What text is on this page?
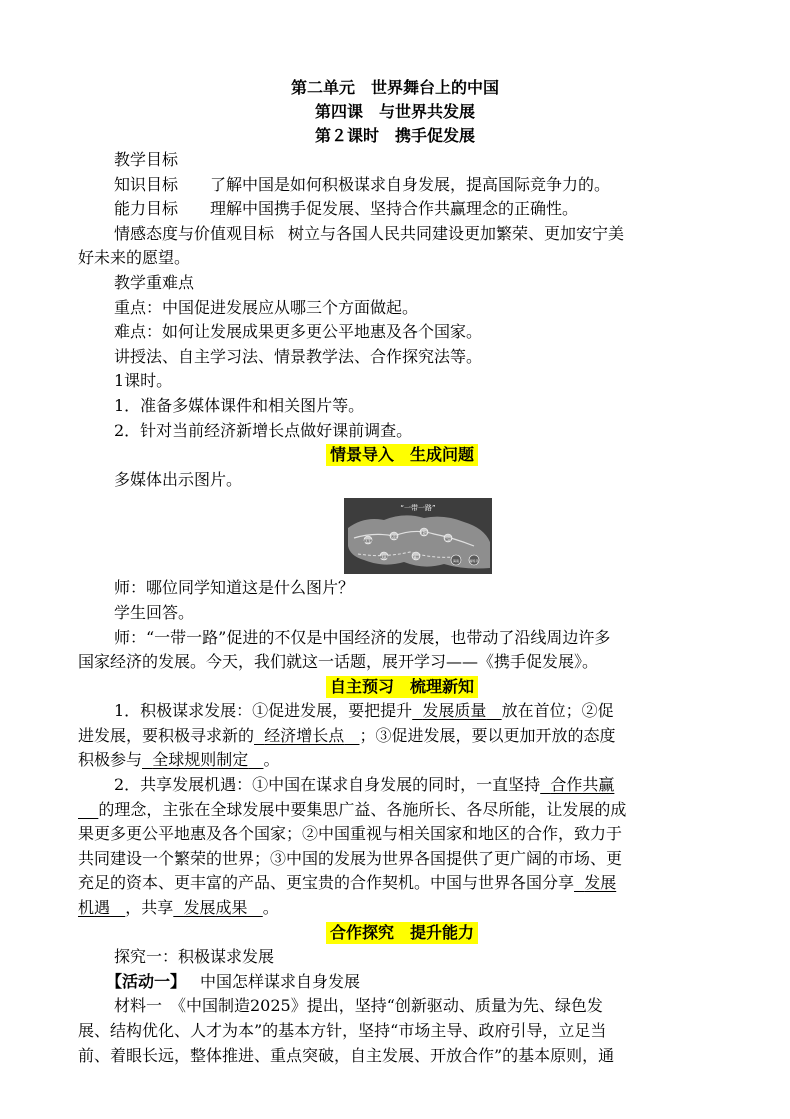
第二单元　世界舞台上的中国
第四课　与世界共发展
第２课时　携手促发展
教学目标
知识目标 了解中国是如何积极谋求自身发展，提高国际竞争力的。
能力目标 理解中国携手促发展、坚持合作共赢理念的正确性。
情感态度与价值观目标 树立与各国人民共同建设更加繁荣、更加安宁美
好未来的愿望。
教学重难点
重点：中国促进发展应从哪三个方面做起。
难点：如何让发展成果更多更公平地惠及各个国家。
讲授法、自主学习法、情景教学法、合作探究法等。
1课时。
1．准备多媒体课件和相关图片等。
2．针对当前经济新增长点做好课前调查。
情景导入　生成问题
多媒体出示图片。
“一带一路”
莫斯科
西安
北京
福州
威尼斯	广州
海南	鹿特丹
师：哪位同学知道这是什么图片？
学生回答。
师：“一带一路”促进的不仅是中国经济的发展，也带动了沿线周边许多
国家经济的发展。今天，我们就这一话题，展开学习——《携手促发展》。
自主预习　梳理新知
1．积极谋求发展：①促进发展，要把提升 发展质量 放在首位；②促
进发展，要积极寻求新的 经济增长点 ；③促进发展，要以更加开放的态度
积极参与 全球规则制定 。
2．共享发展机遇：①中国在谋求自身发展的同时，一直坚持 合作共赢
的理念，主张在全球发展中要集思广益、各施所长、各尽所能，让发展的成
果更多更公平地惠及各个国家；②中国重视与相关国家和地区的合作，致力于
共同建设一个繁荣的世界；③中国的发展为世界各国提供了更广阔的市场、更
充足的资本、更丰富的产品、更宝贵的合作契机。中国与世界各国分享 发展
机遇 ，共享 发展成果 。
合作探究　提升能力
探究一：积极谋求发展
【活动一】 中国怎样谋求自身发展
材料一　《中国制造2025》提出，坚持“创新驱动、质量为先、绿色发
展、结构优化、人才为本”的基本方针，坚持“市场主导、政府引导，立足当
前、着眼长远，整体推进、重点突破，自主发展、开放合作”的基本原则，通
